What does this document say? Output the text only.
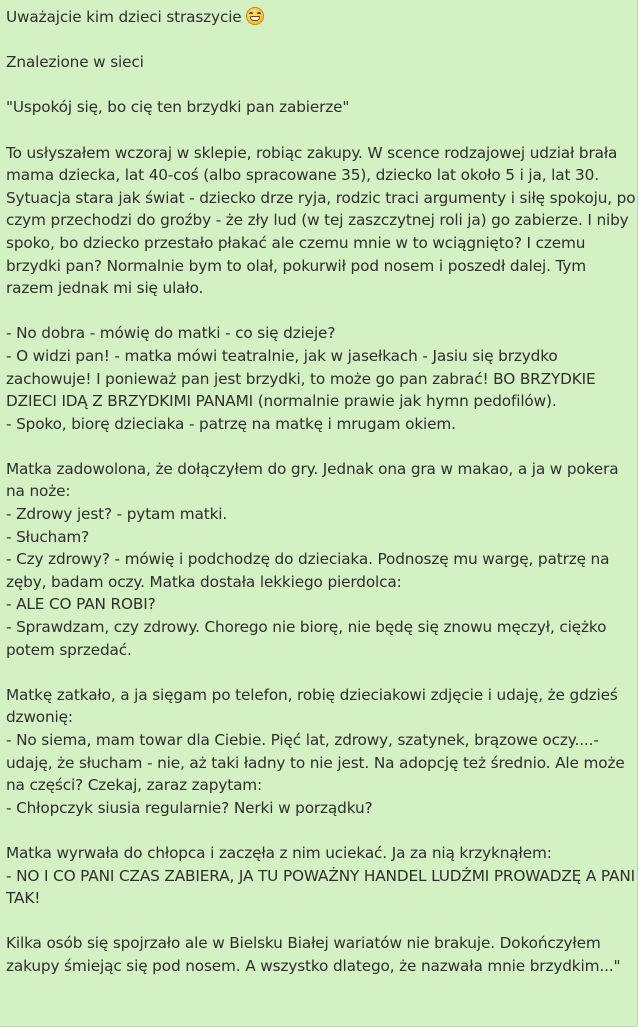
Uważajcie kim dzieci straszycie

Znalezione w sieci

"Uspokój się, bo cię ten brzydki pan zabierze"

To usłyszałem wczoraj w sklepie, robiąc zakupy. W scence rodzajowej udział brała mama dziecka, lat 40-coś (albo spracowane 35), dziecko lat około 5 i ja, lat 30. Sytuacja stara jak świat - dziecko drze ryja, rodzic traci argumenty i siłę spokoju, po czym przechodzi do groźby - że zły lud (w tej zaszczytnej roli ja) go zabierze. I niby spoko, bo dziecko przestało płakać ale czemu mnie w to wciągnięto? I czemu brzydki pan? Normalnie bym to olał, pokurwił pod nosem i poszedł dalej. Tym razem jednak mi się ulało.

- No dobra - mówię do matki - co się dzieje?
- O widzi pan! - matka mówi teatralnie, jak w jasełkach - Jasiu się brzydko zachowuje! I ponieważ pan jest brzydki, to może go pan zabrać! BO BRZYDKIE DZIECI IDĄ Z BRZYDKIMI PANAMI (normalnie prawie jak hymn pedofilów).
- Spoko, biorę dzieciaka - patrzę na matkę i mrugam okiem.

Matka zadowolona, że dołączyłem do gry. Jednak ona gra w makao, a ja w pokera na noże:
- Zdrowy jest? - pytam matki.
- Słucham?
- Czy zdrowy? - mówię i podchodzę do dzieciaka. Podnoszę mu wargę, patrzę na zęby, badam oczy. Matka dostała lekkiego pierdolca:
- ALE CO PAN ROBI?
- Sprawdzam, czy zdrowy. Chorego nie biorę, nie będę się znowu męczył, ciężko potem sprzedać.

Matkę zatkało, a ja sięgam po telefon, robię dzieciakowi zdjęcie i udaję, że gdzieś dzwonię:
- No siema, mam towar dla Ciebie. Pięć lat, zdrowy, szatynek, brązowe oczy....- udaję, że słucham - nie, aż taki ładny to nie jest. Na adopcję też średnio. Ale może na części? Czekaj, zaraz zapytam:
- Chłopczyk siusia regularnie? Nerki w porządku?

Matka wyrwała do chłopca i zaczęła z nim uciekać. Ja za nią krzyknąłem:
- NO I CO PANI CZAS ZABIERA, JA TU POWAŻNY HANDEL LUDŹMI PROWADZĘ A PANI TAK!

Kilka osób się spojrzało ale w Bielsku Białej wariatów nie brakuje. Dokończyłem zakupy śmiejąc się pod nosem. A wszystko dlatego, że nazwała mnie brzydkim..."
